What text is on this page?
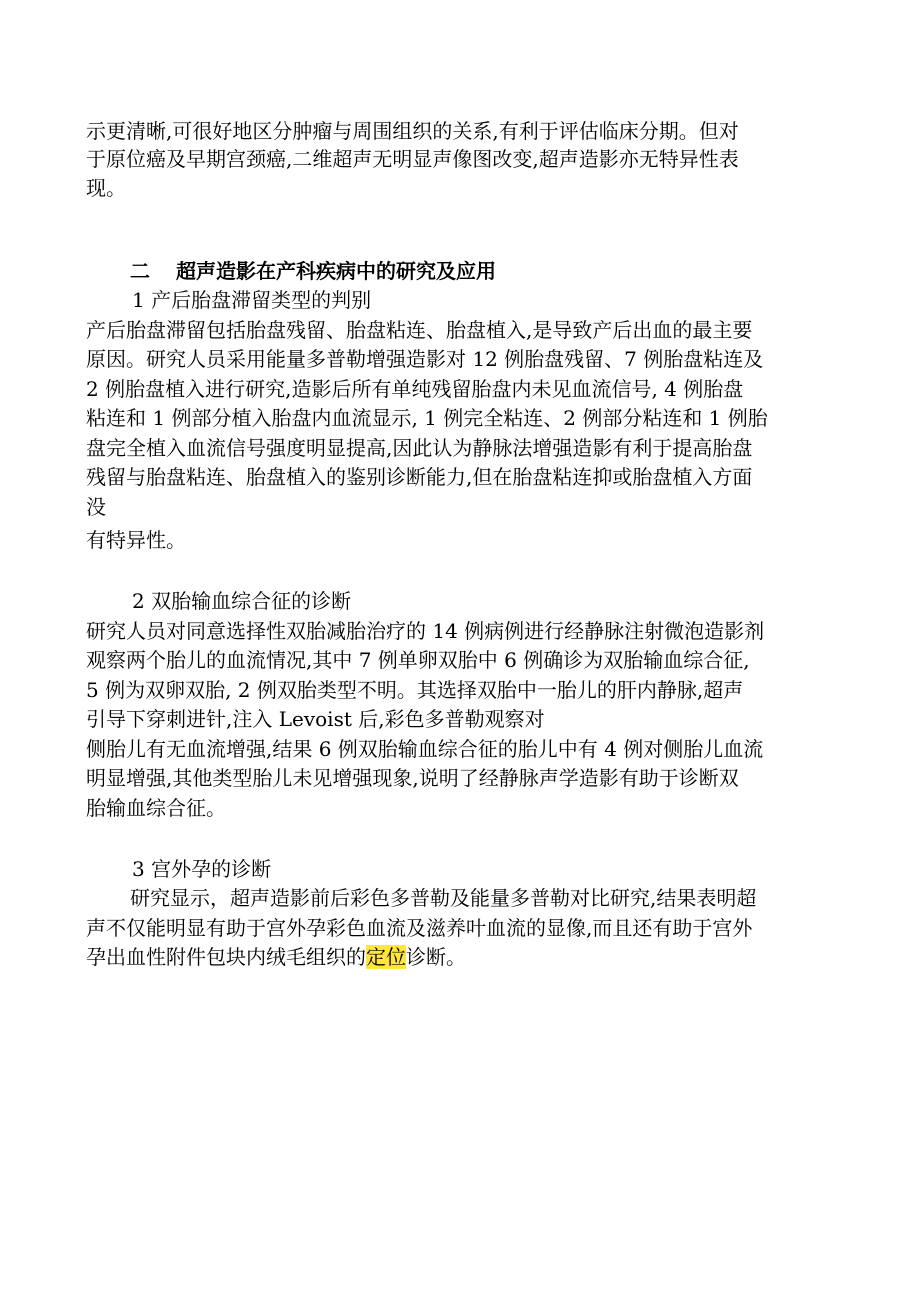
示更清晰,可很好地区分肿瘤与周围组织的关系,有利于评估临床分期。但对
于原位癌及早期宫颈癌,二维超声无明显声像图改变,超声造影亦无特异性表
现。
二 超声造影在产科疾病中的研究及应用
1 产后胎盘滞留类型的判别
产后胎盘滞留包括胎盘残留、胎盘粘连、胎盘植入,是导致产后出血的最主要
原因。研究人员采用能量多普勒增强造影对 12 例胎盘残留、7 例胎盘粘连及
2 例胎盘植入进行研究,造影后所有单纯残留胎盘内未见血流信号, 4 例胎盘
粘连和 1 例部分植入胎盘内血流显示, 1 例完全粘连、2 例部分粘连和 1 例胎
盘完全植入血流信号强度明显提高,因此认为静脉法增强造影有利于提高胎盘
残留与胎盘粘连、胎盘植入的鉴别诊断能力,但在胎盘粘连抑或胎盘植入方面
没
有特异性。
2 双胎输血综合征的诊断
研究人员对同意选择性双胎减胎治疗的 14 例病例进行经静脉注射微泡造影剂
观察两个胎儿的血流情况,其中 7 例单卵双胎中 6 例确诊为双胎输血综合征,
5 例为双卵双胎, 2 例双胎类型不明。其选择双胎中一胎儿的肝内静脉,超声
引导下穿刺进针,注入 Levoist 后,彩色多普勒观察对
侧胎儿有无血流增强,结果 6 例双胎输血综合征的胎儿中有 4 例对侧胎儿血流
明显增强,其他类型胎儿未见增强现象,说明了经静脉声学造影有助于诊断双
胎输血综合征。
3 宫外孕的诊断
研究显示，超声造影前后彩色多普勒及能量多普勒对比研究,结果表明超
声不仅能明显有助于宫外孕彩色血流及滋养叶血流的显像,而且还有助于宫外
孕出血性附件包块内绒毛组织的定位诊断。
